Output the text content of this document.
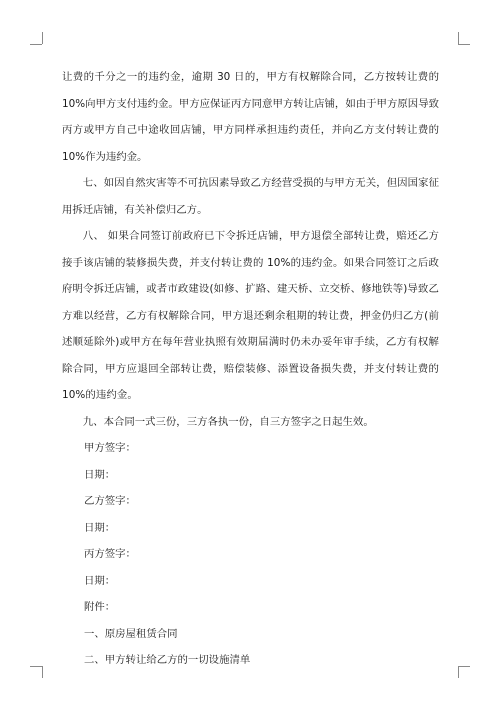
让费的千分之一的违约金，逾期 30 日的，甲方有权解除合同，乙方按转让费的 10%向甲方支付违约金。甲方应保证丙方同意甲方转让店铺，如由于甲方原因导致丙方或甲方自己中途收回店铺，甲方同样承担违约责任，并向乙方支付转让费的 10%作为违约金。

七、如因自然灾害等不可抗因素导致乙方经营受损的与甲方无关，但因国家征用拆迁店铺，有关补偿归乙方。

八、 如果合同签订前政府已下令拆迁店铺，甲方退偿全部转让费，赔还乙方接手该店铺的装修损失费，并支付转让费的 10%的违约金。如果合同签订之后政府明令拆迁店铺，或者市政建设(如修、扩路、建天桥、立交桥、修地铁等)导致乙方难以经营，乙方有权解除合同，甲方退还剩余租期的转让费，押金仍归乙方(前述顺延除外)或甲方在每年营业执照有效期届满时仍未办妥年审手续，乙方有权解除合同，甲方应退回全部转让费，赔偿装修、添置设备损失费，并支付转让费的 10%的违约金。

九、本合同一式三份，三方各执一份，自三方签字之日起生效。

甲方签字：

日期：

乙方签字：

日期：

丙方签字：

日期：

附件：

一、原房屋租赁合同

二、甲方转让给乙方的一切设施清单
